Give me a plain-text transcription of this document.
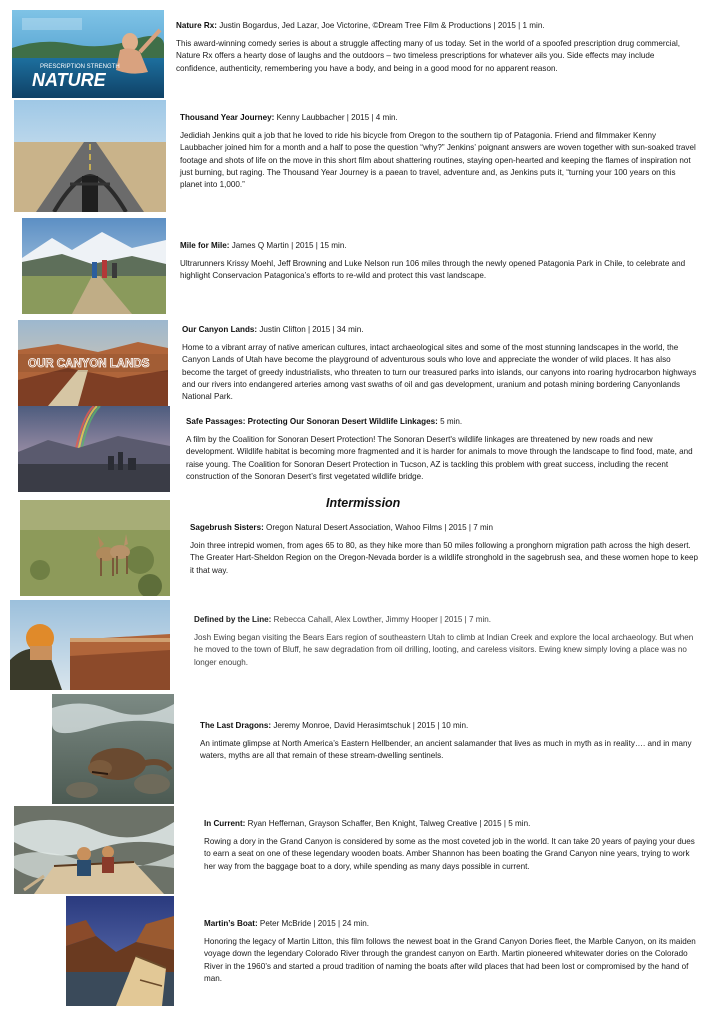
PRESCRIPTION STRENGTH
NATURE

Nature Rx: Justin Bogardus, Jed Lazar, Joe Victorine, ©Dream Tree Film & Productions | 2015 | 1 min.

This award-winning comedy series is about a struggle affecting many of us today. Set in the world of a spoofed prescription drug commercial, Nature Rx offers a hearty dose of laughs and the outdoors – two timeless prescriptions for whatever ails you. Side effects may include confidence, authenticity, remembering you have a body, and being in a good mood for no apparent reason.

Thousand Year Journey: Kenny Laubbacher | 2015 | 4 min.

Jedidiah Jenkins quit a job that he loved to ride his bicycle from Oregon to the southern tip of Patagonia. Friend and filmmaker Kenny Laubbacher joined him for a month and a half to pose the question “why?” Jenkins’ poignant answers are woven together with sun-soaked travel footage and shots of life on the move in this short film about shattering routines, staying open-hearted and keeping the flames of inspiration not just burning, but raging. The Thousand Year Journey is a paean to travel, adventure and, as Jenkins puts it, “turning your 100 years on this planet into 1,000.”

Mile for Mile: James Q Martin | 2015 | 15 min.

Ultrarunners Krissy Moehl, Jeff Browning and Luke Nelson run 106 miles through the newly opened Patagonia Park in Chile, to celebrate and highlight Conservacion Patagonica’s efforts to re-wild and protect this vast landscape.

OUR CANYON LANDS

Our Canyon Lands: Justin Clifton | 2015 | 34 min.

Home to a vibrant array of native american cultures, intact archaeological sites and some of the most stunning landscapes in the world, the Canyon Lands of Utah have become the playground of adventurous souls who love and appreciate the wonder of wild places. It has also become the target of greedy industrialists, who threaten to turn our treasured parks into islands, our canyons into roaring hydrocarbon highways and our rivers into endangered arteries among vast swaths of oil and gas development, uranium and potash mining bordering Canyonlands National Park.

Safe Passages: Protecting Our Sonoran Desert Wildlife Linkages: 5 min.

A film by the Coalition for Sonoran Desert Protection! The Sonoran Desert's wildlife linkages are threatened by new roads and new development. Wildlife habitat is becoming more fragmented and it is harder for animals to move through the landscape to find food, mate, and raise young. The Coalition for Sonoran Desert Protection in Tucson, AZ is tackling this problem with great success, including the recent construction of the Sonoran Desert’s first vegetated wildlife bridge.

Intermission

Sagebrush Sisters: Oregon Natural Desert Association, Wahoo Films | 2015 | 7 min

Join three intrepid women, from ages 65 to 80, as they hike more than 50 miles following a pronghorn migration path across the high desert. The Greater Hart-Sheldon Region on the Oregon-Nevada border is a wildlife stronghold in the sagebrush sea, and these women hope to keep it that way.

Defined by the Line: Rebecca Cahall, Alex Lowther, Jimmy Hooper | 2015 | 7 min.

Josh Ewing began visiting the Bears Ears region of southeastern Utah to climb at Indian Creek and explore the local archaeology. But when he moved to the town of Bluff, he saw degradation from oil drilling, looting, and careless visitors. Ewing knew simply loving a place was no longer enough.

The Last Dragons: Jeremy Monroe, David Herasimtschuk | 2015 | 10 min.

An intimate glimpse at North America’s Eastern Hellbender, an ancient salamander that lives as much in myth as in reality…. and in many waters, myths are all that remain of these stream-dwelling sentinels.

In Current: Ryan Heffernan, Grayson Schaffer, Ben Knight, Talweg Creative | 2015 | 5 min.

Rowing a dory in the Grand Canyon is considered by some as the most coveted job in the world. It can take 20 years of paying your dues to earn a seat on one of these legendary wooden boats. Amber Shannon has been boating the Grand Canyon nine years, trying to work her way from the baggage boat to a dory, while spending as many days possible in current.

Martin’s Boat: Peter McBride | 2015 | 24 min.

Honoring the legacy of Martin Litton, this film follows the newest boat in the Grand Canyon Dories fleet, the Marble Canyon, on its maiden voyage down the legendary Colorado River through the grandest canyon on Earth. Martin pioneered whitewater dories on the Colorado River in the 1960’s and started a proud tradition of naming the boats after wild places that had been lost or compromised by the hand of man.
